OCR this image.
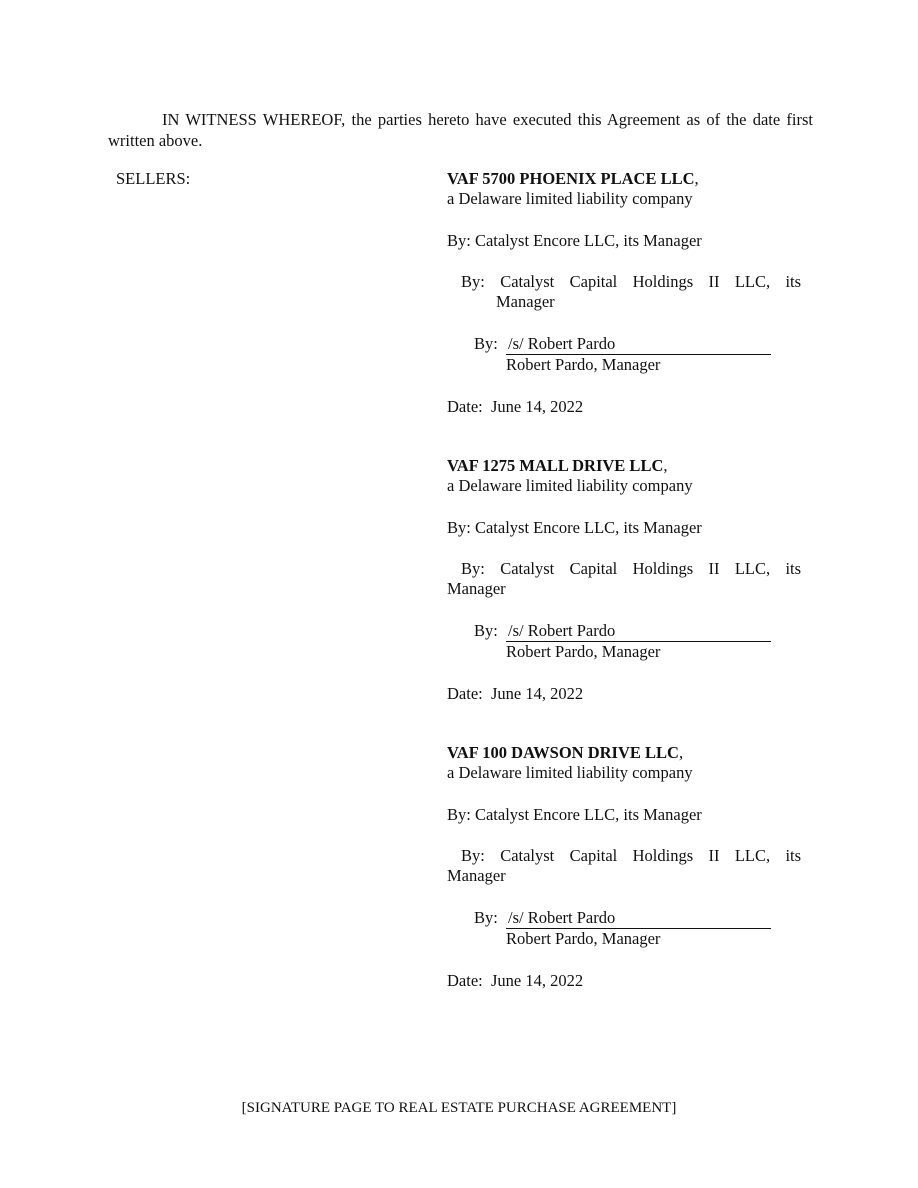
IN WITNESS WHEREOF, the parties hereto have executed this Agreement as of the date first written above.
SELLERS:	VAF 5700 PHOENIX PLACE LLC,
a Delaware limited liability company
By: Catalyst Encore LLC, its Manager
By: Catalyst Capital Holdings II LLC, its
Manager
By: /s/ Robert Pardo
Robert Pardo, Manager
Date: June 14, 2022
VAF 1275 MALL DRIVE LLC,
a Delaware limited liability company
By: Catalyst Encore LLC, its Manager
By: Catalyst Capital Holdings II LLC, its
Manager
By: /s/ Robert Pardo
Robert Pardo, Manager
Date: June 14, 2022
VAF 100 DAWSON DRIVE LLC,
a Delaware limited liability company
By: Catalyst Encore LLC, its Manager
By: Catalyst Capital Holdings II LLC, its
Manager
By: /s/ Robert Pardo
Robert Pardo, Manager
Date: June 14, 2022
[SIGNATURE PAGE TO REAL ESTATE PURCHASE AGREEMENT]
